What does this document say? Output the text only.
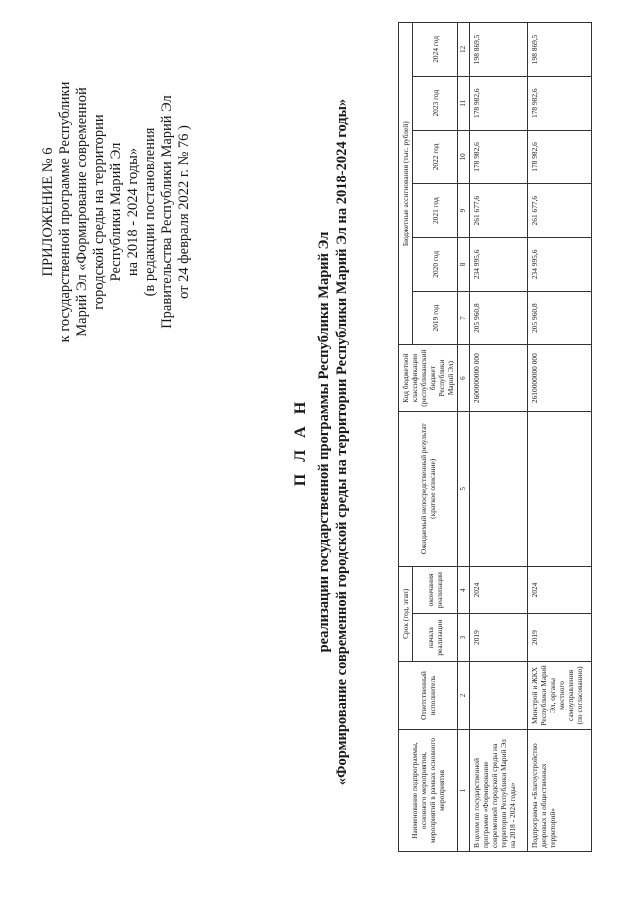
ПРИЛОЖЕНИЕ № 6 к государственной программе Республики Марий Эл «Формирование современной городской среды на территории Республики Марий Эл на 2018 - 2024 годы» (в редакции постановления Правительства Республики Марий Эл от 24 февраля 2022 г. № 76 )
П Л А Н реализации государственной программы Республики Марий Эл «Формирование современной городской среды на территории Республики Марий Эл на 2018-2024 годы»
Наименование подпрограммы, основного мероприятия, мероприятий в рамках основного мероприятия	Ответственный исполнитель	Срок (год, этап)		Ожидаемый непосредственный результат (краткое описание)	Код бюджетной классификации (республиканский бюджет Республики Марий Эл)	Бюджетные ассигнования (тыс. рублей)					
		начала реализации	окончания реализации			2019 год	2020 год	2021 год	2022 год	2023 год	2024 год

1	2	3	4	5	6	7	8	9	10	11	12
В целом по государственной программе «Формирование современной городской среды на территории Республики Марий Эл на 2018 - 2024 годы»		2019	2024		2600000000 000	205 960,8	234 995,6	261 677,6	178 982,6	178 982,6	198 869,5
Подпрограмма «Благоустройство дворовых и общественных территорий»	Минстрой и ЖКХ Республики Марий Эл, органы местного самоуправления (по согласованию)	2019	2024		2610000000 000	205 960,8	234 995,6	261 677,6	178 982,6	178 982,6	198 869,5
